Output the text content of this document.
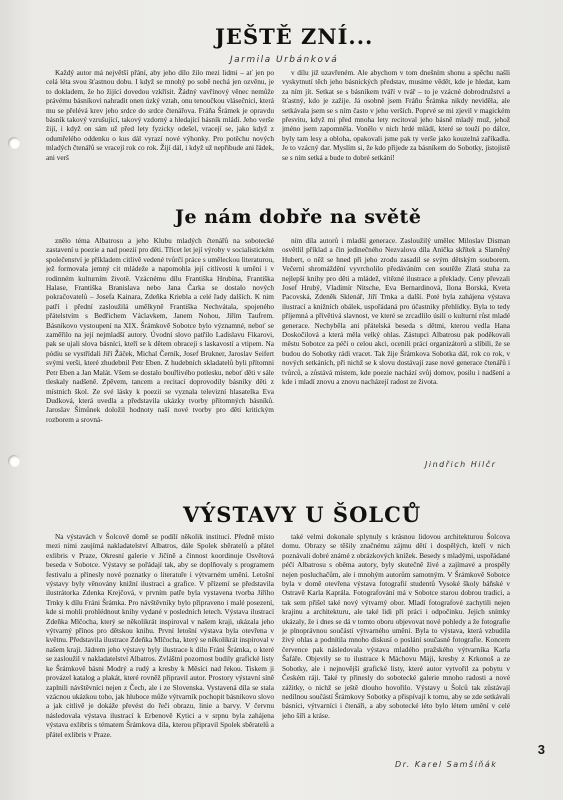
JEŠTĚ ZNÍ...
Jarmila Urbánková

Každý autor má největší přání, aby jeho dílo žilo mezi lidmi – ať jen po celá léta svou šťastnou dobu. I když se mnohý po sobě nechá jen ozvěnu, je to dokladem, že ho žijící dovedou vzkřísit. Žádný vavřínový věnec nemůže právému básníkovi nahradit onen úzký vztah, onu tenoučkou vlásečnici, která mu se přelévá krev jeho srdce do srdce čtenářova. Fráňa Šrámek je opravdu básník takový vzrušující, takový vzdorný a hledající básník mládí. Jeho verše žijí, i když on sám už před lety fyzicky odešel, vracejí se, jako když z odumřelého oddenku o kus dál vyrazí nové výhonky. Pro potěchu nových mladých čtenářů se vracejí rok co rok. Žijí dál, i když už nepřibude ani řádek, ani verš

v dílu již uzavřeném. Ale abychom v tom dnešním shonu a spěchu našli vyskytnutí těch jeho básnických představ, musíme vědět, kde je hledat, kam za ním jít. Setkat se s básníkem tváří v tvář – to je vzácné dobrodružství a šťastný, kdo je zažije. Já osobně jsem Fráňu Šrámka nikdy neviděla, ale setkávala jsem se s ním často v jeho verších. Poprvé se mi zjevil v magickém přesvitu, když mi před mnoha lety recitoval jeho básně mladý muž, jehož jméno jsem zapomněla. Vonělo v nich hrdé mládí, které se touží po dálce, byly tam lesy a obloha, opakovali jsme pak ty verše jako kouzelná zaříkadla. Je to vzácný dar. Myslím si, že kdo přijede za básníkem do Sobotky, jistojistě se s ním setká a bude to dobré setkání!

Je nám dobře na světě

znělo téma Albatrosu a jeho Klubu mladých čtenářů na sobotecké zastavení u poezie a nad poezií pro děti. Třicet let její výroby v socialistickém společenství je příkladem citlivě vedené tvůrčí práce s uměleckou literaturou, jež formovala jemný cit mládeže a napomohla její citlivosti k umění i v rodinném kulturním životě. Vzácnému dílu Františka Hrubína, Františka Halase, Františka Branislava nebo Jana Čarka se dostalo nových pokračovatelů – Josefa Kainara, Zdeňka Kriebla a celé řady dalších. K nim patří i přední zasloužilá umělkyně Františka Nechvátala, spojeného přátelstvím s Bedřichem Václavkem, Janem Nohou, Jiřím Taufrem. Básníkovo vystoupení na XIX. Šrámkově Sobotce bylo významné, neboť se zaměřilo na její nejmladší autory. Úvodní slovo patřilo Ladislavu Fikarovi, pak se ujali slova básníci, kteří se k dětem obracejí s laskavostí a vtipem. Na pódiu se vystřídali Jiří Žáček, Michal Černík, Josef Brukner, Jaroslav Seifert svými verši, které zhudebnil Petr Eben. Z hudebních skladatelů byli přítomni Petr Eben a Jan Malát. Všem se dostalo bouřlivého potlesku, neboť děti v sále tleskaly nadšeně. Zpěvem, tancem a recitací doprovodily básníky děti z místních škol. Ze své lásky k poezii se vyznala televizní hlasatelka Eva Dudková, která uvedla a představila ukázky tvorby přítomných básníků. Jaroslav Šimůnek doložil hodnoty naší nové tvorby pro děti kritickým rozborem a srovná-

ním díla autorů i mladší generace. Zasloužilý umělec Miloslav Disman osvětlil příklad a čin jedinečného Nezvalova díla Anička skřítek a Slaměný Hubert, o něž se hned při jeho zrodu zasadil se svým dětským souborem. Večerní shromáždění vyvrcholilo předáváním cen soutěže Zlatá stuha za nejlepší knihy pro děti a mládež, vítězné ilustrace a překlady. Ceny převzali Josef Hrubý, Vladimír Nitsche, Eva Bernardinová, Ilona Borská, Kveta Pacovská, Zdeněk Sklenář, Jiří Trnka a další. Poté byla zahájena výstava ilustrací a knižních obálek, uspořádaná pro účastníky přehlídky. Byla to tedy příjemná a přívětivá slavnost, ve které se zrcadlilo úsilí o kulturní růst mladé generace. Nechyběla ani přátelská beseda s dětmi, kterou vedla Hana Doskočilová a která měla velký ohlas. Zástupci Albatrosu pak poděkovali městu Sobotce za péči o celou akci, ocenili práci organizátorů a slíbili, že se budou do Sobotky rádi vracet. Tak žije Šrámkova Sobotka dál, rok co rok, v nových setkáních, při nichž se k slovu dostávají zase nové generace čtenářů i tvůrců, a zůstává místem, kde poezie nachází svůj domov, posilu i nadšení a kde i mladí znovu a znovu nacházejí radost ze života.

Jindřich Hilčr
VÝSTAVY U ŠOLCŮ

Na výstavách v Šolcově domě se podílí několik institucí. Předně místo mezi nimi zaujímá nakladatelství Albatros, dále Spolek sběratelů a přátel exlibris v Praze, Okresní galerie v Jičíně a činnost koordinuje Osvětová beseda v Sobotce. Výstavy se pořádají tak, aby se doplňovaly s programem festivalu a přinesly nové poznatky o literatuře i výtvarném umění. Letošní výstavy byly věnovány knižní ilustraci a grafice. V přízemí se představila ilustrátorka Zdenka Krejčová, v prvním patře byla vystavena tvorba Jiřího Trnky k dílu Fráni Šrámka. Pro návštěvníky bylo připraveno i malé posezení, kde si mohli prohlédnout knihy vydané v posledních letech. Výstava ilustrací Zdeňka Mlčocha, který se několikrát inspiroval v našem kraji, ukázala jeho výtvarný přínos pro dětskou knihu. První letošní výstava byla otevřena v květnu. Představila ilustrace Zdeňka Mlčocha, který se několikrát inspiroval v našem kraji. Jádrem jeho výstavy byly ilustrace k dílu Fráni Šrámka, o které se zasloužil v nakladatelství Albatros. Zvláštní pozornost budily grafické listy ke Šrámkově básni Modrý a rudý a kresby k Měsíci nad řekou. Tiskem ji provázel katalog a plakát, které rovněž připravil autor. Prostory výstavní síně zaplnili návštěvníci nejen z Čech, ale i ze Slovenska. Vystavená díla se stala vzácnou ukázkou toho, jak hluboce může výtvarník pochopit básníkovo slovo a jak citlivě je dokáže převést do řeči obrazu, linie a barvy. V červnu následovala výstava ilustrací k Erbenově Kytici a v srpnu byla zahájena výstava exlibris s tématem Šrámkova díla, kterou připravil Spolek sběratelů a přátel exlibris v Praze.

také velmi dokonale splynuly s krásnou lidovou architekturou Šolcova domu. Obrazy se těšily značnému zájmu dětí i dospělých, kteří v nich poznávali dobré známé z obrázkových knížek. Besedy s mladými, uspořádané péčí Albatrosu s oběma autory, byly skutečně živé a zajímavé a prospěly nejen posluchačům, ale i mnohým autorům samotným. V Šrámkově Sobotce byla v domě otevřena výstava fotografií studentů Vysoké školy báňské v Ostravě Karla Kaprála. Fotografování má v Sobotce starou dobrou tradici, a tak sem přišel také nový výtvarný obor. Mladí fotografové zachytili nejen krajinu a architekturu, ale také lidi při práci i odpočinku. Jejich snímky ukázaly, že i dnes se dá v tomto oboru objevovat nové pohledy a že fotografie je plnoprávnou součástí výtvarného umění. Byla to výstava, která vzbudila živý ohlas a podnítila mnoho diskusí o poslání současné fotografie. Koncem července pak následovala výstava mladého pražského výtvarníka Karla Šafáře. Objevily se tu ilustrace k Máchovu Máji, kresby z Krkonoš a ze Sobotky, ale i nejnovější grafické listy, které autor vytvořil za pobytu v Českém ráji. Také ty přinesly do sobotecké galerie mnoho radosti a nové zážitky, o nichž se ještě dlouho hovořilo. Výstavy u Šolců tak zůstávají nedílnou součástí Šrámkovy Sobotky a přispívají k tomu, aby se zde setkávali básníci, výtvarníci i čtenáři, a aby sobotecké léto bylo létem umění v celé jeho šíři a kráse.

Dr. Karel Samšiňák
3
